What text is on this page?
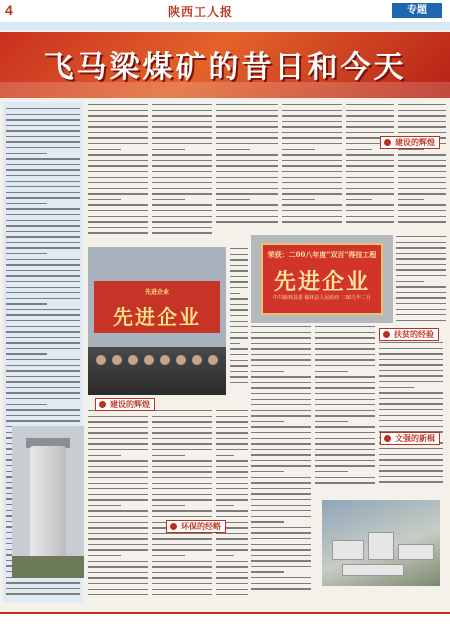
4	陕西工人报	专题
飞马梁煤矿的昔日和今天
建设的辉煌
先进企业
先进企业
荣获：二00八年度“双百”得技工程
先进企业
中共榆林县委 榆林县人民政府 二00九年二月
扶贫的经验
建设的辉煌
环保的经略
文强的新楫
